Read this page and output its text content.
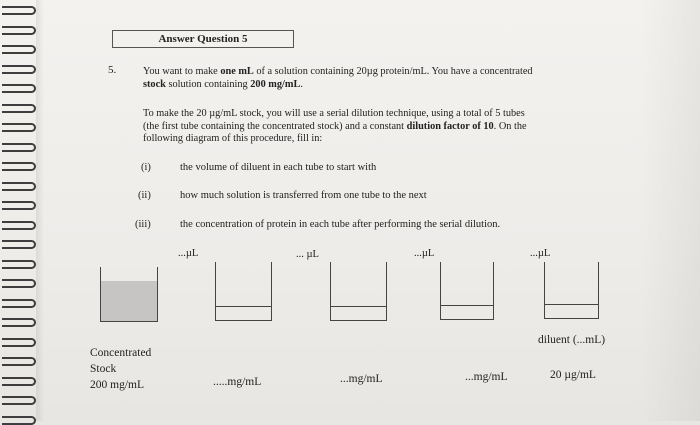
Answer Question 5
5.	You want to make one mL of a solution containing 20µg protein/mL. You have a concentrated
stock solution containing 200 mg/mL.
To make the 20 µg/mL stock, you will use a serial dilution technique, using a total of 5 tubes
(the first tube containing the concentrated stock) and a constant dilution factor of 10. On the
following diagram of this procedure, fill in:
(i)	the volume of diluent in each tube to start with
(ii)	how much solution is transferred from one tube to the next
(iii)	the concentration of protein in each tube after performing the serial dilution.
...µL	... µL	...µL	...µL
diluent (...mL)
Concentrated
Stock
200 mg/mL	.....mg/mL	...mg/mL	...mg/mL	20 µg/mL
